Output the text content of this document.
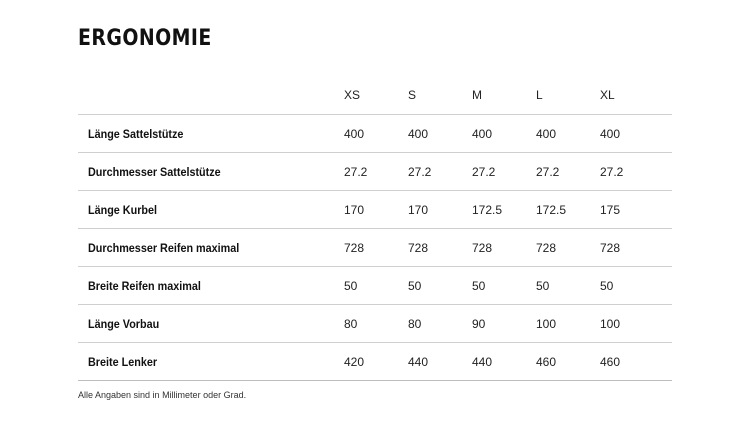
ERGONOMIE
	XS	S	M	L	XL
Länge Sattelstütze	400	400	400	400	400
Durchmesser Sattelstütze	27.2	27.2	27.2	27.2	27.2
Länge Kurbel	170	170	172.5	172.5	175
Durchmesser Reifen maximal	728	728	728	728	728
Breite Reifen maximal	50	50	50	50	50
Länge Vorbau	80	80	90	100	100
Breite Lenker	420	440	440	460	460
Alle Angaben sind in Millimeter oder Grad.
